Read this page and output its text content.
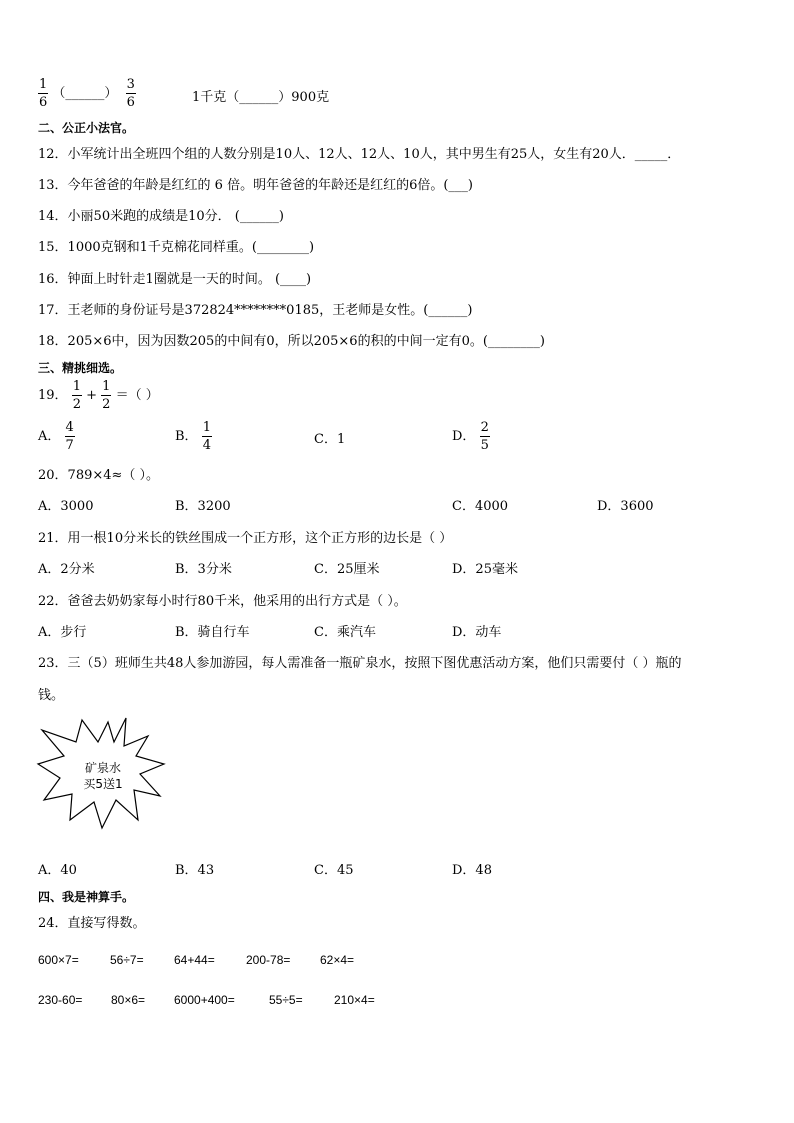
$\frac{1}{6}$ （______） $\frac{3}{6}$	1千克（______）900克
二、公正小法官。
12．小军统计出全班四个组的人数分别是10人、12人、12人、10人，其中男生有25人，女生有20人．_____．
13．今年爸爸的年龄是红红的 6 倍。明年爸爸的年龄还是红红的6倍。(___)
14．小丽50米跑的成绩是10分． (______)
15．1000克钢和1千克棉花同样重。(________)
16．钟面上时针走1圈就是一天的时间。 (____)
17．王老师的身份证号是372824********0185，王老师是女性。(______)
18．205×6中，因为因数205的中间有0，所以205×6的积的中间一定有0。(________)
三、精挑细选。
19． $\frac{1}{2} + \frac{1}{2}$ ＝（ ）
A． $\frac{4}{7}$	B． $\frac{1}{4}$	C．1	D． $\frac{2}{5}$
20．789×4≈（ ）。
A．3000	B．3200	C．4000	D．3600
21．用一根10分米长的铁丝围成一个正方形，这个正方形的边长是（ ）
A．2分米	B．3分米	C．25厘米	D．25毫米
22．爸爸去奶奶家每小时行80千米，他采用的出行方式是（ ）。
A．步行	B．骑自行车	C．乘汽车	D．动车
23．三（5）班师生共48人参加游园，每人需准备一瓶矿泉水，按照下图优惠活动方案，他们只需要付（ ）瓶的
钱。
矿泉水
买5送1
A．40	B．43	C．45	D．48
四、我是神算手。
24．直接写得数。
600×7=	56÷7=	64+44=	200-78= 62×4=
230-60= 80×6= 6000+400=	55÷5=	210×4=
